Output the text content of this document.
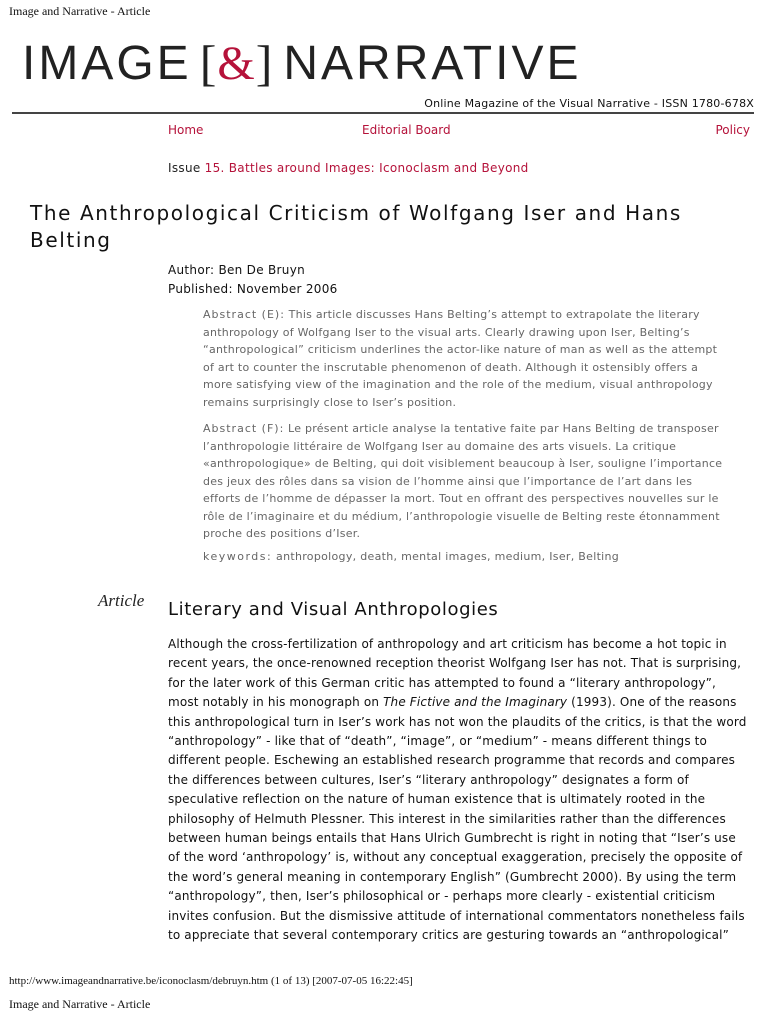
Image and Narrative - Article
IMAGE [
&
] NARRATIVE
Online Magazine of the Visual Narrative - ISSN 1780-678X
Home	Editorial Board	Policy
Issue 15. Battles around Images: Iconoclasm and Beyond
The Anthropological Criticism of Wolfgang Iser and Hans Belting
Author: Ben De Bruyn
Published: November 2006

Abstract (E): This article discusses Hans Belting’s attempt to extrapolate the literary anthropology of Wolfgang Iser to the visual arts. Clearly drawing upon Iser, Belting’s “anthropological” criticism underlines the actor-like nature of man as well as the attempt of art to counter the inscrutable phenomenon of death. Although it ostensibly offers a more satisfying view of the imagination and the role of the medium, visual anthropology remains surprisingly close to Iser’s position.

Abstract (F): Le présent article analyse la tentative faite par Hans Belting de transposer l’anthropologie littéraire de Wolfgang Iser au domaine des arts visuels. La critique «anthropologique» de Belting, qui doit visiblement beaucoup à Iser, souligne l’importance des jeux des rôles dans sa vision de l’homme ainsi que l’importance de l’art dans les efforts de l’homme de dépasser la mort. Tout en offrant des perspectives nouvelles sur le rôle de l’imaginaire et du médium, l’anthropologie visuelle de Belting reste étonnamment proche des positions d’Iser.

keywords: anthropology, death, mental images, medium, Iser, Belting
Article Literary and Visual Anthropologies

Although the cross-fertilization of anthropology and art criticism has become a hot topic in recent years, the once-renowned reception theorist Wolfgang Iser has not. That is surprising, for the later work of this German critic has attempted to found a “literary anthropology”, most notably in his monograph on The Fictive and the Imaginary (1993). One of the reasons this anthropological turn in Iser’s work has not won the plaudits of the critics, is that the word “anthropology” - like that of “death”, “image”, or “medium” - means different things to different people. Eschewing an established research programme that records and compares the differences between cultures, Iser’s “literary anthropology” designates a form of speculative reflection on the nature of human existence that is ultimately rooted in the philosophy of Helmuth Plessner. This interest in the similarities rather than the differences between human beings entails that Hans Ulrich Gumbrecht is right in noting that “Iser’s use of the word ‘anthropology’ is, without any conceptual exaggeration, precisely the opposite of the word’s general meaning in contemporary English” (Gumbrecht 2000). By using the term “anthropology”, then, Iser’s philosophical or - perhaps more clearly - existential criticism invites confusion. But the dismissive attitude of international commentators nonetheless fails to appreciate that several contemporary critics are gesturing towards an “anthropological”

http://www.imageandnarrative.be/iconoclasm/debruyn.htm (1 of 13) [2007-07-05 16:22:45]
Image and Narrative - Article
